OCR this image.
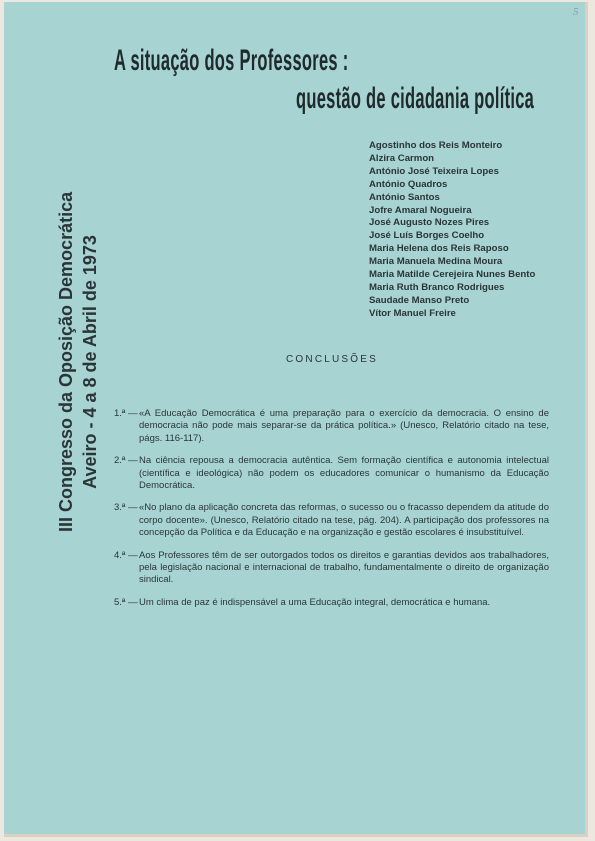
5
A situação dos Professores :
questão de cidadania política
Agostinho dos Reis Monteiro
Alzira Carmon
António José Teixeira Lopes
António Quadros
António Santos
Jofre Amaral Nogueira
José Augusto Nozes Pires
José Luís Borges Coelho
Maria Helena dos Reis Raposo
Maria Manuela Medina Moura
Maria Matilde Cerejeira Nunes Bento
Maria Ruth Branco Rodrigues
Saudade Manso Preto
Vítor Manuel Freire
III Congresso da Oposição Democrática Aveiro - 4 a 8 de Abril de 1973	CONCLUSÕES
1.ª — «A Educação Democrática é uma preparação para o exercício da democracia. O ensino de democracia não pode mais separar-se da prática política.» (Unesco, Relatório citado na tese, págs. 116-117).
2.ª — Na ciência repousa a democracia autêntica. Sem formação científica e autonomia intelectual (científica e ideológica) não podem os educadores comunicar o humanismo da Educação Democrática.
3.ª — «No plano da aplicação concreta das reformas, o sucesso ou o fracasso dependem da atitude do corpo docente». (Unesco, Relatório citado na tese, pág. 204). A participação dos professores na concepção da Política e da Educação e na organização e gestão escolares é insubstituível.
4.ª — Aos Professores têm de ser outorgados todos os direitos e garantias devidos aos trabalhadores, pela legislação nacional e internacional de trabalho, fundamentalmente o direito de organização sindical.
5.ª — Um clima de paz é indispensável a uma Educação integral, democrática e humana.
